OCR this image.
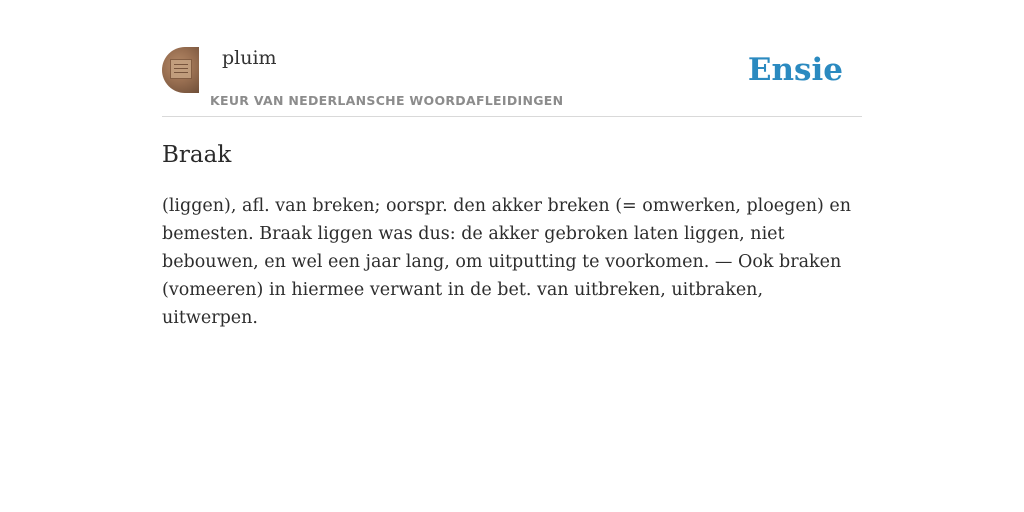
pluim
KEUR VAN NEDERLANSCHE WOORDAFLEIDINGEN
Ensie
Braak

(liggen), afl. van breken; oorspr. den akker breken (= omwerken, ploegen) en bemesten. Braak liggen was dus: de akker gebroken laten liggen, niet bebouwen, en wel een jaar lang, om uitputting te voorkomen. — Ook braken (vomeeren) in hiermee verwant in de bet. van uitbreken, uitbraken, uitwerpen.
